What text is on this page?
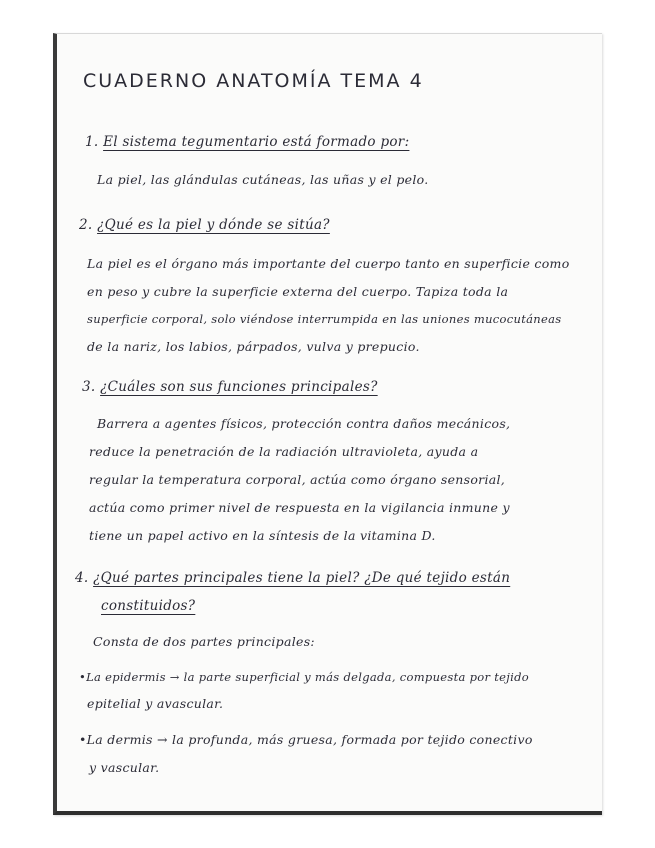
CUADERNO ANATOMÍA TEMA 4
1. El sistema tegumentario está formado por:
La piel, las glándulas cutáneas, las uñas y el pelo.
2. ¿Qué es la piel y dónde se sitúa?
La piel es el órgano más importante del cuerpo tanto en superficie como
en peso y cubre la superficie externa del cuerpo. Tapiza toda la
superficie corporal, solo viéndose interrumpida en las uniones mucocutáneas
de la nariz, los labios, párpados, vulva y prepucio.
3. ¿Cuáles son sus funciones principales?
Barrera a agentes físicos, protección contra daños mecánicos,
reduce la penetración de la radiación ultravioleta, ayuda a
regular la temperatura corporal, actúa como órgano sensorial,
actúa como primer nivel de respuesta en la vigilancia inmune y
tiene un papel activo en la síntesis de la vitamina D.
4. ¿Qué partes principales tiene la piel? ¿De qué tejido están
constituidos?
Consta de dos partes principales:
•La epidermis → la parte superficial y más delgada, compuesta por tejido
epitelial y avascular.
•La dermis → la profunda, más gruesa, formada por tejido conectivo
y vascular.
